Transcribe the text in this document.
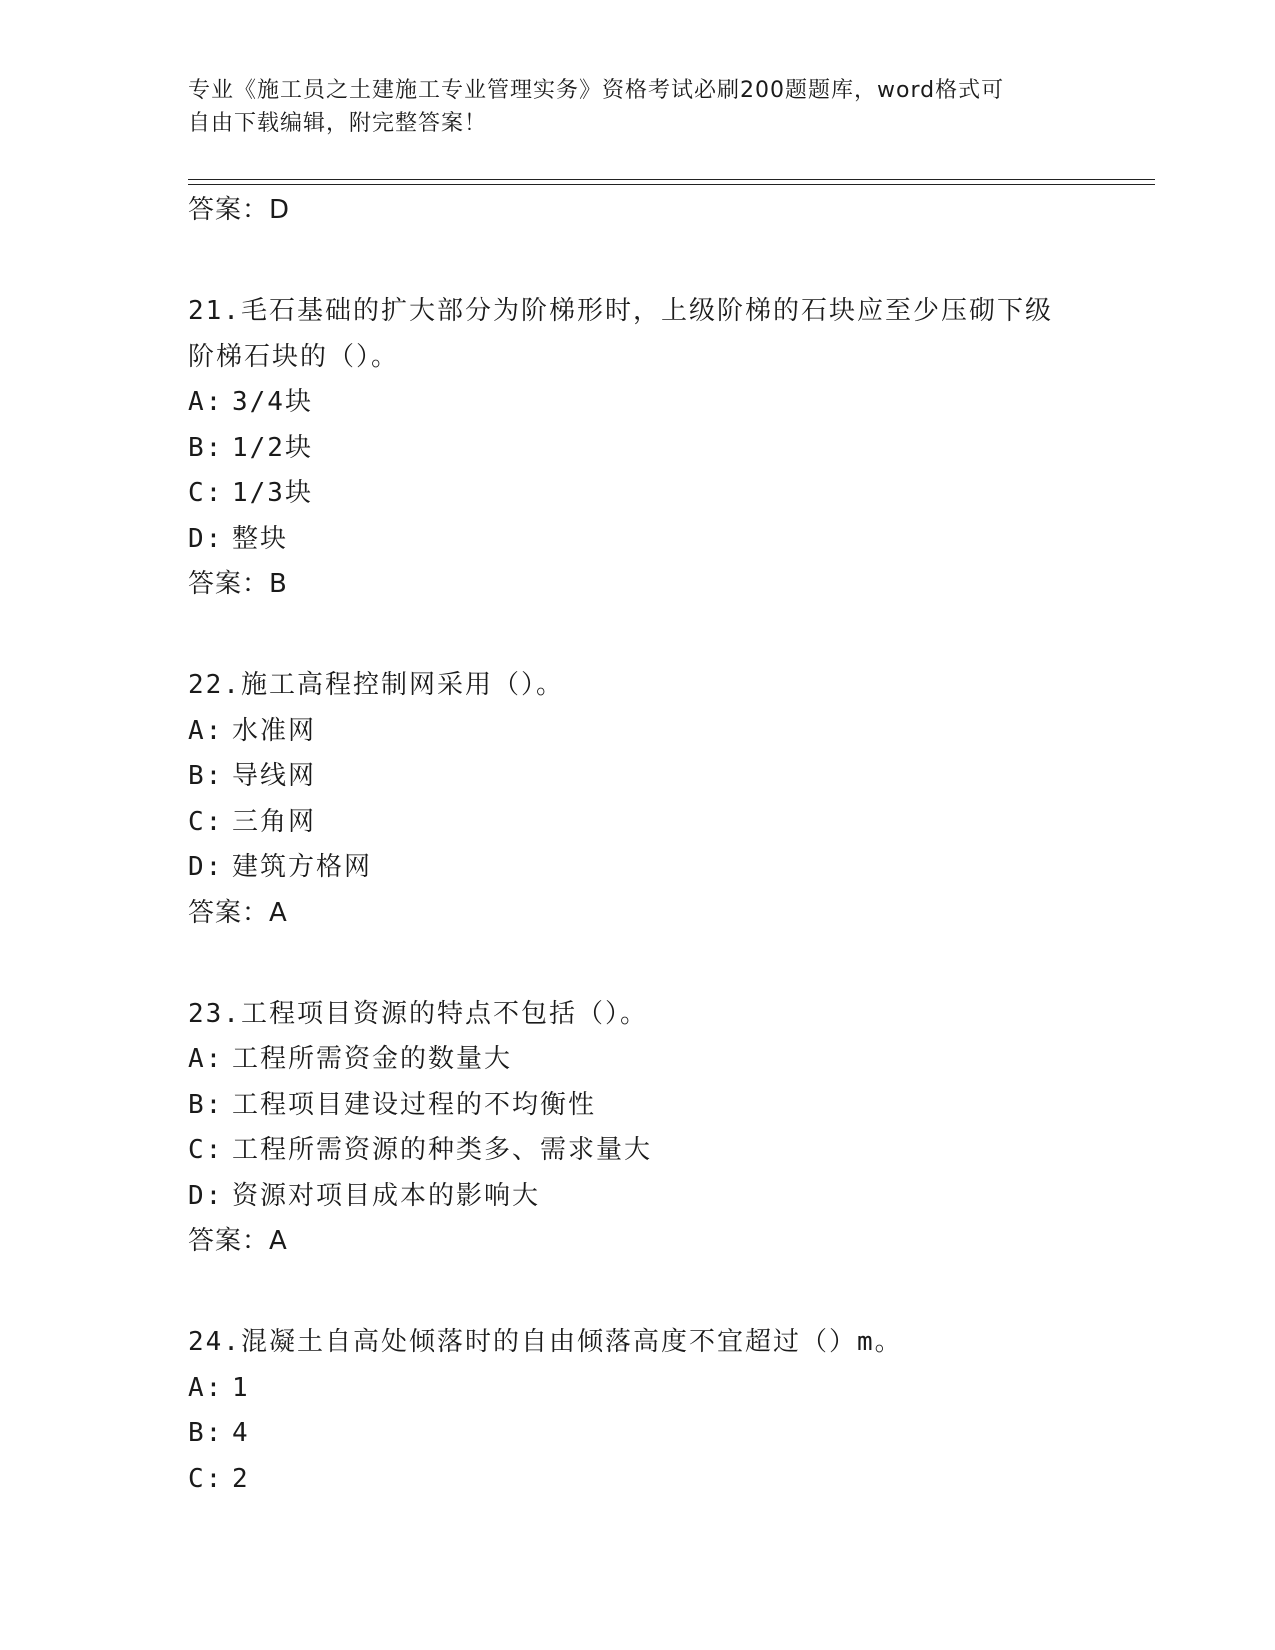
专业《施工员之土建施工专业管理实务》资格考试必刷200题题库，word格式可
自由下载编辑，附完整答案！
答案：D
21.毛石基础的扩大部分为阶梯形时，上级阶梯的石块应至少压砌下级
阶梯石块的（）。
A: 3/4块
B: 1/2块
C: 1/3块
D: 整块
答案：B
22.施工高程控制网采用（）。
A: 水准网
B: 导线网
C: 三角网
D: 建筑方格网
答案：A
23.工程项目资源的特点不包括（）。
A: 工程所需资金的数量大
B: 工程项目建设过程的不均衡性
C: 工程所需资源的种类多、需求量大
D: 资源对项目成本的影响大
答案：A
24.混凝土自高处倾落时的自由倾落高度不宜超过（）m。
A: 1
B: 4
C: 2
